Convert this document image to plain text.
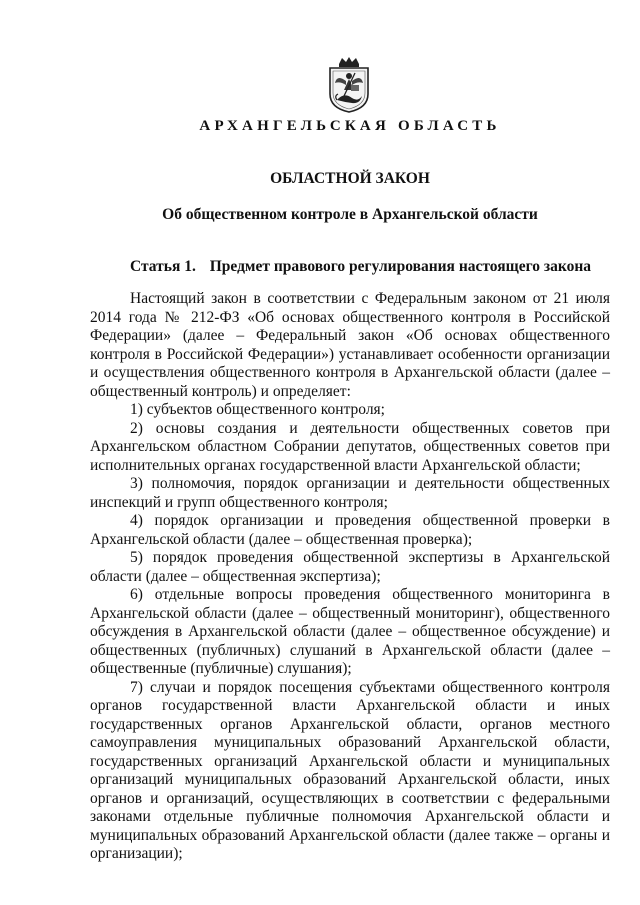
АРХАНГЕЛЬСКАЯ ОБЛАСТЬ
ОБЛАСТНОЙ ЗАКОН
Об общественном контроле в Архангельской области
Статья 1. Предмет правового регулирования настоящего закона

Настоящий закон в соответствии с Федеральным законом от 21 июля 2014 года № 212-ФЗ «Об основах общественного контроля в Российской Федерации» (далее – Федеральный закон «Об основах общественного контроля в Российской Федерации») устанавливает особенности организации и осуществления общественного контроля в Архангельской области (далее – общественный контроль) и определяет:

1) субъектов общественного контроля;

2) основы создания и деятельности общественных советов при Архангельском областном Собрании депутатов, общественных советов при исполнительных органах государственной власти Архангельской области;

3) полномочия, порядок организации и деятельности общественных инспекций и групп общественного контроля;

4) порядок организации и проведения общественной проверки в Архангельской области (далее – общественная проверка);

5) порядок проведения общественной экспертизы в Архангельской области (далее – общественная экспертиза);

6) отдельные вопросы проведения общественного мониторинга в Архангельской области (далее – общественный мониторинг), общественного обсуждения в Архангельской области (далее – общественное обсуждение) и общественных (публичных) слушаний в Архангельской области (далее – общественные (публичные) слушания);

7) случаи и порядок посещения субъектами общественного контроля органов государственной власти Архангельской области и иных государственных органов Архангельской области, органов местного самоуправления муниципальных образований Архангельской области, государственных организаций Архангельской области и муниципальных организаций муниципальных образований Архангельской области, иных органов и организаций, осуществляющих в соответствии с федеральными законами отдельные публичные полномочия Архангельской области и муниципальных образований Архангельской области (далее также – органы и организации);
